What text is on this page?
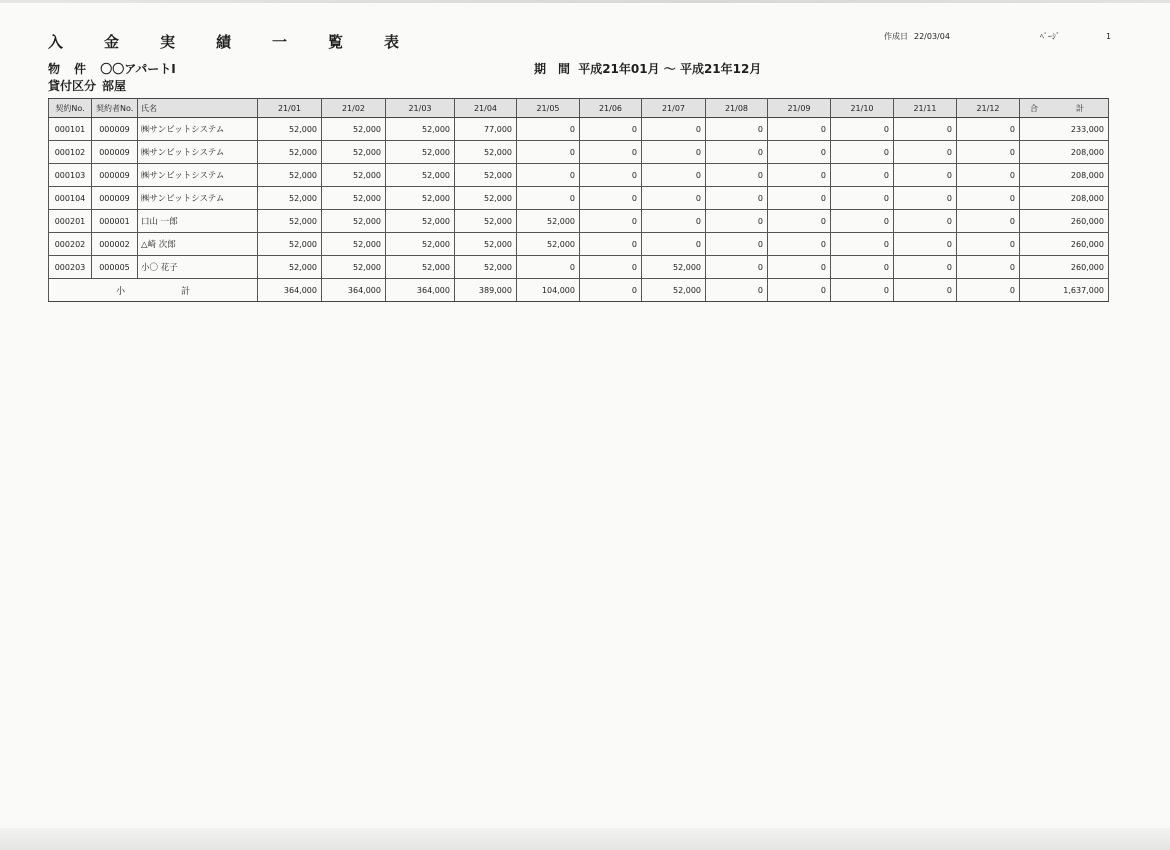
入	金	実	績	一	覧	表	作成日 22/03/04	ﾍﾟｰｼﾞ	1
物件 〇〇アパートI
貸付区分 部屋
期間 平成21年01月 ～ 平成21年12月
契約No.	契約者No.	氏名	21/01	21/02	21/03	21/04	21/05	21/06	21/07	21/08	21/09	21/10	21/11	21/12	合 計
000101	000009	㈱サンビットシステム	52,000	52,000	52,000	77,000	0	0	0	0	0	0	0	0	233,000
000102	000009	㈱サンビットシステム	52,000	52,000	52,000	52,000	0	0	0	0	0	0	0	0	208,000
000103	000009	㈱サンビットシステム	52,000	52,000	52,000	52,000	0	0	0	0	0	0	0	0	208,000
000104	000009	㈱サンビットシステム	52,000	52,000	52,000	52,000	0	0	0	0	0	0	0	0	208,000
000201	000001	口山 一郎	52,000	52,000	52,000	52,000	52,000	0	0	0	0	0	0	0	260,000
000202	000002	△崎 次郎	52,000	52,000	52,000	52,000	52,000	0	0	0	0	0	0	0	260,000
000203	000005	小〇 花子	52,000	52,000	52,000	52,000	0	0	52,000	0	0	0	0	0	260,000
小 計			364,000	364,000	364,000	389,000	104,000	0	52,000	0	0	0	0	0	1,637,000
